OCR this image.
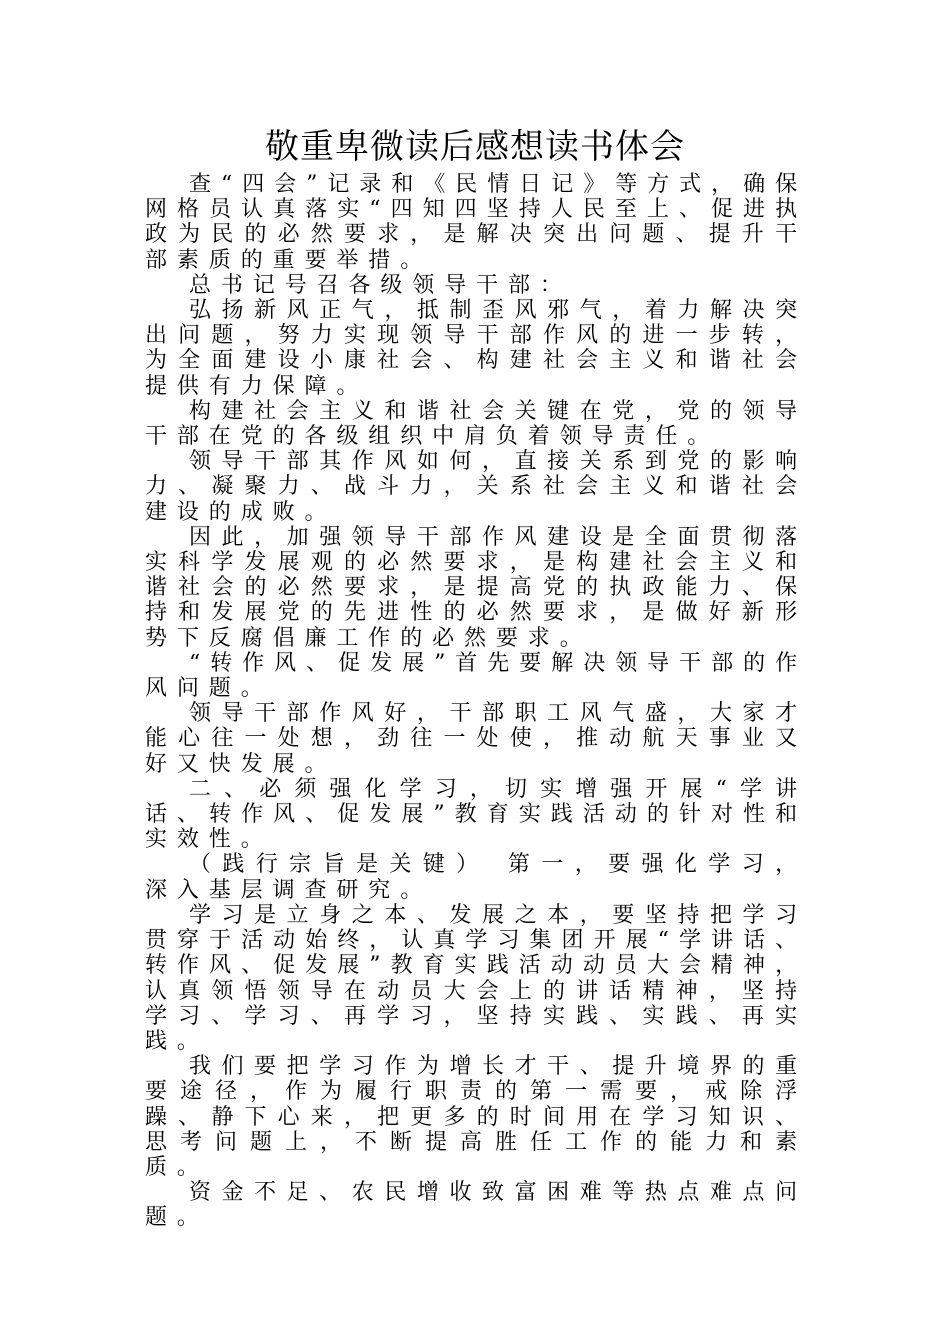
敬重卑微读后感想读书体会

查“四会”记录和《民情日记》等方式，确保网格员认真落实“四知四坚持人民至上、促进执政为民的必然要求，是解决突出问题、提升干部素质的重要举措。

总书记号召各级领导干部：

弘扬新风正气，抵制歪风邪气，着力解决突出问题，努力实现领导干部作风的进一步转，为全面建设小康社会、构建社会主义和谐社会提供有力保障。

构建社会主义和谐社会关键在党，党的领导干部在党的各级组织中肩负着领导责任。

领导干部其作风如何，直接关系到党的影响力、凝聚力、战斗力，关系社会主义和谐社会建设的成败。

因此，加强领导干部作风建设是全面贯彻落实科学发展观的必然要求，是构建社会主义和谐社会的必然要求，是提高党的执政能力、保持和发展党的先进性的必然要求，是做好新形势下反腐倡廉工作的必然要求。

“转作风、促发展”首先要解决领导干部的作风问题。

领导干部作风好，干部职工风气盛，大家才能心往一处想，劲往一处使，推动航天事业又好又快发展。

二、必须强化学习，切实增强开展“学讲话、转作风、促发展”教育实践活动的针对性和实效性。

（践行宗旨是关键） 第一，要强化学习，深入基层调查研究。

学习是立身之本、发展之本，要坚持把学习贯穿于活动始终，认真学习集团开展“学讲话、转作风、促发展”教育实践活动动员大会精神，认真领悟领导在动员大会上的讲话精神，坚持学习、学习、再学习，坚持实践、实践、再实践。

我们要把学习作为增长才干、提升境界的重要途径，作为履行职责的第一需要，戒除浮躁、静下心来，把更多的时间用在学习知识、思考问题上，不断提高胜任工作的能力和素质。

资金不足、农民增收致富困难等热点难点问题。
